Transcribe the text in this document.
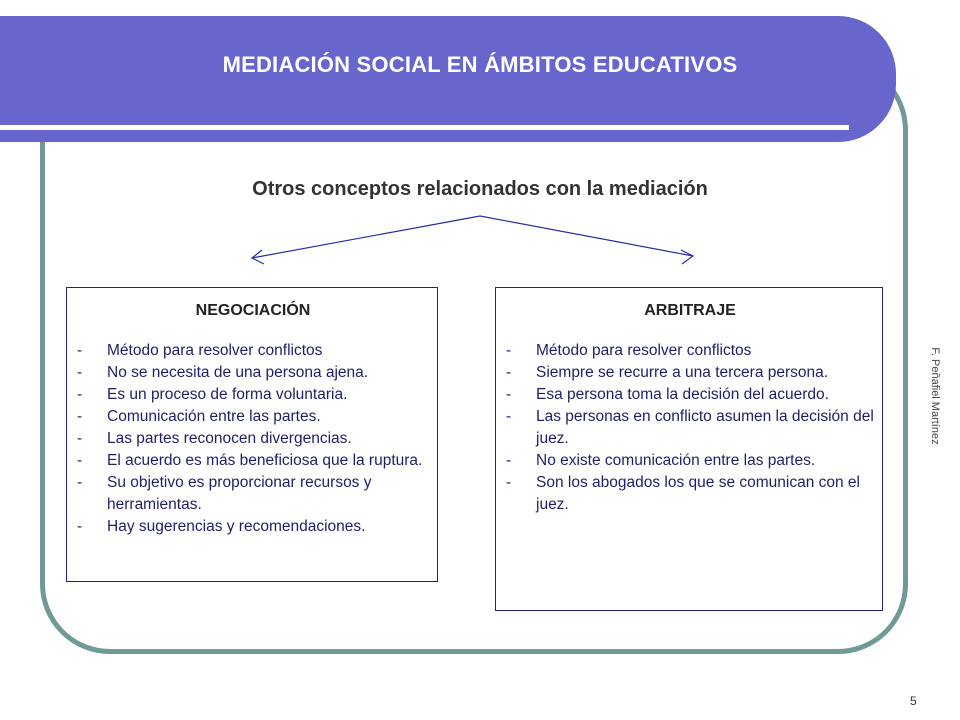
MEDIACIÓN SOCIAL EN ÁMBITOS EDUCATIVOS
Otros conceptos relacionados con la mediación
NEGOCIACIÓN
- Método para resolver conflictos
- No se necesita de una persona ajena.
- Es un proceso de forma voluntaria.
- Comunicación entre las partes.
- Las partes reconocen divergencias.
- El acuerdo es más beneficiosa que la ruptura.
- Su objetivo es proporcionar recursos y herramientas.
- Hay sugerencias y recomendaciones.
ARBITRAJE
- Método para resolver conflictos
- Siempre se recurre a una tercera persona.
- Esa persona toma la decisión del acuerdo.
- Las personas en conflicto asumen la decisión del juez.
- No existe comunicación entre las partes.
- Son los abogados los que se comunican con el juez.
F. Peñafiel Martínez
5
